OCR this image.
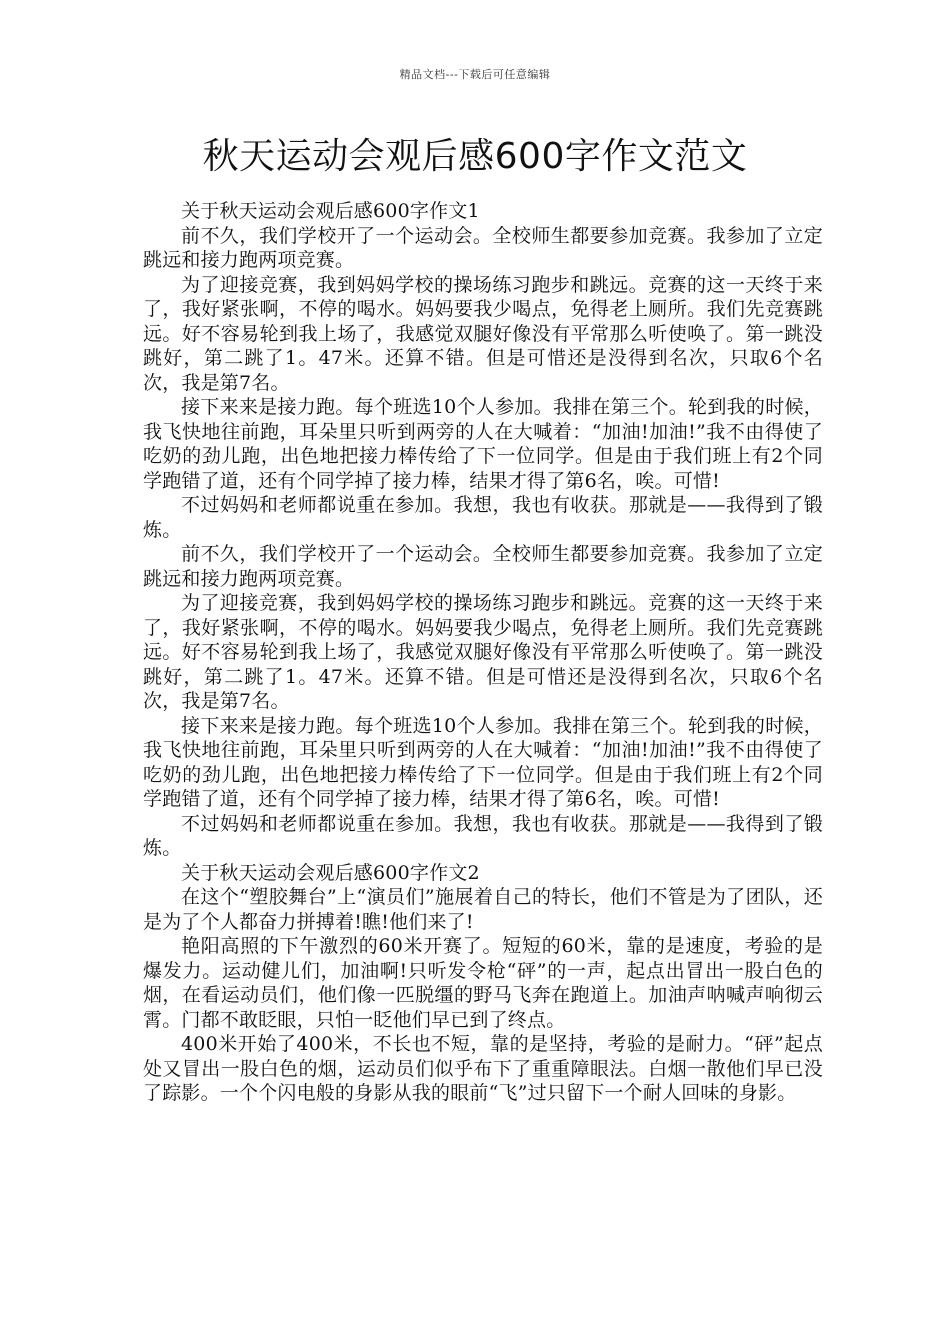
精品文档---下载后可任意编辑
秋天运动会观后感600字作文范文

关于秋天运动会观后感600字作文1

前不久，我们学校开了一个运动会。全校师生都要参加竞赛。我参加了立定跳远和接力跑两项竞赛。

为了迎接竞赛，我到妈妈学校的操场练习跑步和跳远。竞赛的这一天终于来了，我好紧张啊，不停的喝水。妈妈要我少喝点，免得老上厕所。我们先竞赛跳远。好不容易轮到我上场了，我感觉双腿好像没有平常那么听使唤了。第一跳没跳好，第二跳了1。47米。还算不错。但是可惜还是没得到名次，只取6个名次，我是第7名。

接下来来是接力跑。每个班选10个人参加。我排在第三个。轮到我的时候，我飞快地往前跑，耳朵里只听到两旁的人在大喊着：“加油!加油!”我不由得使了吃奶的劲儿跑，出色地把接力棒传给了下一位同学。但是由于我们班上有2个同学跑错了道，还有个同学掉了接力棒，结果才得了第6名，唉。可惜!

不过妈妈和老师都说重在参加。我想，我也有收获。那就是——我得到了锻炼。

前不久，我们学校开了一个运动会。全校师生都要参加竞赛。我参加了立定跳远和接力跑两项竞赛。

为了迎接竞赛，我到妈妈学校的操场练习跑步和跳远。竞赛的这一天终于来了，我好紧张啊，不停的喝水。妈妈要我少喝点，免得老上厕所。我们先竞赛跳远。好不容易轮到我上场了，我感觉双腿好像没有平常那么听使唤了。第一跳没跳好，第二跳了1。47米。还算不错。但是可惜还是没得到名次，只取6个名次，我是第7名。

接下来来是接力跑。每个班选10个人参加。我排在第三个。轮到我的时候，我飞快地往前跑，耳朵里只听到两旁的人在大喊着：“加油!加油!”我不由得使了吃奶的劲儿跑，出色地把接力棒传给了下一位同学。但是由于我们班上有2个同学跑错了道，还有个同学掉了接力棒，结果才得了第6名，唉。可惜!

不过妈妈和老师都说重在参加。我想，我也有收获。那就是——我得到了锻炼。

关于秋天运动会观后感600字作文2

在这个“塑胶舞台”上“演员们”施展着自己的特长，他们不管是为了团队，还是为了个人都奋力拼搏着!瞧!他们来了!

艳阳高照的下午激烈的60米开赛了。短短的60米，靠的是速度，考验的是爆发力。运动健儿们，加油啊!只听发令枪“砰”的一声，起点出冒出一股白色的烟，在看运动员们，他们像一匹脱缰的野马飞奔在跑道上。加油声呐喊声响彻云霄。门都不敢眨眼，只怕一眨他们早已到了终点。

400米开始了400米，不长也不短，靠的是坚持，考验的是耐力。“砰”起点处又冒出一股白色的烟，运动员们似乎布下了重重障眼法。白烟一散他们早已没了踪影。一个个闪电般的身影从我的眼前“飞”过只留下一个耐人回味的身影。
